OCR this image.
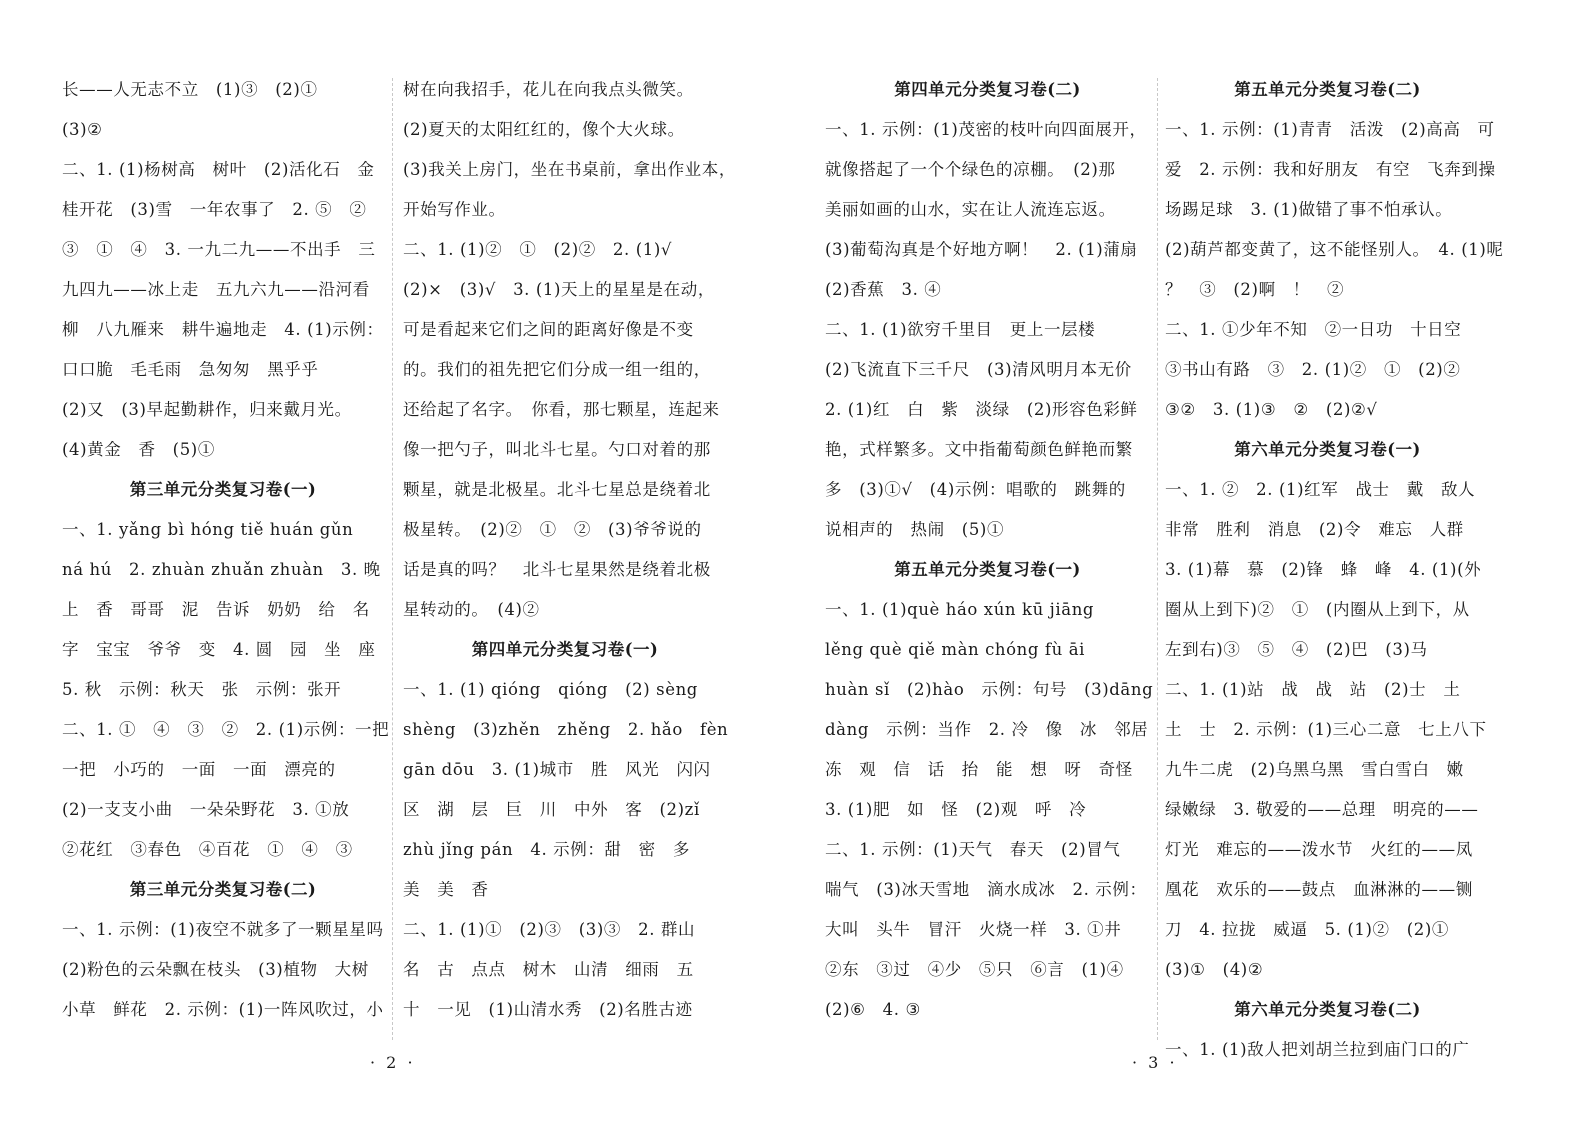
长——人无志不立　(1)③　(2)①

(3)②

二、1. (1)杨树高　树叶　(2)活化石　金

桂开花　(3)雪　一年农事了　2. ⑤　②

③　①　④　3. 一九二九——不出手　三

九四九——冰上走　五九六九——沿河看

柳　八九雁来　耕牛遍地走　4. (1)示例：

口口脆　毛毛雨　急匆匆　黑乎乎

(2)又　(3)早起勤耕作，归来戴月光。

(4)黄金　香　(5)①

第三单元分类复习卷(一)

一、1. yǎng bì hóng tiě huán gǔn

ná hú　2. zhuàn zhuǎn zhuàn　3. 晚

上　香　哥哥　泥　告诉　奶奶　给　名

字　宝宝　爷爷　变　4. 圆　园　坐　座

5. 秋　示例：秋天　张　示例：张开

二、1. ①　④　③　②　2. (1)示例：一把

一把　小巧的　一面　一面　漂亮的

(2)一支支小曲　一朵朵野花　3. ①放

②花红　③春色　④百花　①　④　③

第三单元分类复习卷(二)

一、1. 示例：(1)夜空不就多了一颗星星吗

(2)粉色的云朵飘在枝头　(3)植物　大树

小草　鲜花　2. 示例：(1)一阵风吹过，小

树在向我招手，花儿在向我点头微笑。

(2)夏天的太阳红红的，像个大火球。

(3)我关上房门，坐在书桌前，拿出作业本，

开始写作业。

二、1. (1)②　①　(2)②　2. (1)√

(2)×　(3)√　3. (1)天上的星星是在动，

可是看起来它们之间的距离好像是不变

的。我们的祖先把它们分成一组一组的，

还给起了名字。　你看，那七颗星，连起来

像一把勺子，叫北斗七星。勺口对着的那

颗星，就是北极星。北斗七星总是绕着北

极星转。　(2)②　①　②　(3)爷爷说的

话是真的吗？　北斗七星果然是绕着北极

星转动的。　(4)②

第四单元分类复习卷(一)

一、1. (1) qióng　qióng　(2) sèng

shèng　(3)zhěn　zhěng　2. hǎo　fèn

gān dōu　3. (1)城市　胜　风光　闪闪

区　湖　层　巨　川　中外　客　(2)zǐ

zhù jǐng pán　4. 示例：甜　密　多

美　美　香

二、1. (1)①　(2)③　(3)③　2. 群山

名　古　点点　树木　山清　细雨　五

十　一见　(1)山清水秀　(2)名胜古迹

第四单元分类复习卷(二)

一、1. 示例：(1)茂密的枝叶向四面展开，

就像搭起了一个个绿色的凉棚。　(2)那

美丽如画的山水，实在让人流连忘返。

(3)葡萄沟真是个好地方啊！　2. (1)蒲扇

(2)香蕉　3. ④

二、1. (1)欲穷千里目　更上一层楼

(2)飞流直下三千尺　(3)清风明月本无价

2. (1)红　白　紫　淡绿　(2)形容色彩鲜

艳，式样繁多。文中指葡萄颜色鲜艳而繁

多　(3)①√　(4)示例：唱歌的　跳舞的

说相声的　热闹　(5)①

第五单元分类复习卷(一)

一、1. (1)què háo xún kū jiāng

lěng què qiě màn chóng fù āi

huàn sǐ　(2)hào　示例：句号　(3)dāng

dàng　示例：当作　2. 冷　像　冰　邻居

冻　观　信　话　抬　能　想　呀　奇怪

3. (1)肥　如　怪　(2)观　呼　冷

二、1. 示例：(1)天气　春天　(2)冒气

喘气　(3)冰天雪地　滴水成冰　2. 示例：

大叫　头牛　冒汗　火烧一样　3. ①井

②东　③过　④少　⑤只　⑥言　(1)④

(2)⑥　4. ③

第五单元分类复习卷(二)

一、1. 示例：(1)青青　活泼　(2)高高　可

爱　2. 示例：我和好朋友　有空　飞奔到操

场踢足球　3. (1)做错了事不怕承认。

(2)葫芦都变黄了，这不能怪别人。　4. (1)呢

？　③　(2)啊　！　②

二、1. ①少年不知　②一日功　十日空

③书山有路　③　2. (1)②　①　(2)②

③②　3. (1)③　②　(2)②√

第六单元分类复习卷(一)

一、1. ②　2. (1)红军　战士　戴　敌人

非常　胜利　消息　(2)令　难忘　人群

3. (1)幕　慕　(2)锋　蜂　峰　4. (1)(外

圈从上到下)②　①　(内圈从上到下，从

左到右)③　⑤　④　(2)巴　(3)马

二、1. (1)站　战　战　站　(2)士　土

土　士　2. 示例：(1)三心二意　七上八下

九牛二虎　(2)乌黑乌黑　雪白雪白　嫩

绿嫩绿　3. 敬爱的——总理　明亮的——

灯光　难忘的——泼水节　火红的——凤

凰花　欢乐的——鼓点　血淋淋的——铡

刀　4. 拉拢　威逼　5. (1)②　(2)①

(3)①　(4)②

第六单元分类复习卷(二)

一、1. (1)敌人把刘胡兰拉到庙门口的广

· 2 ·	· 3 ·
